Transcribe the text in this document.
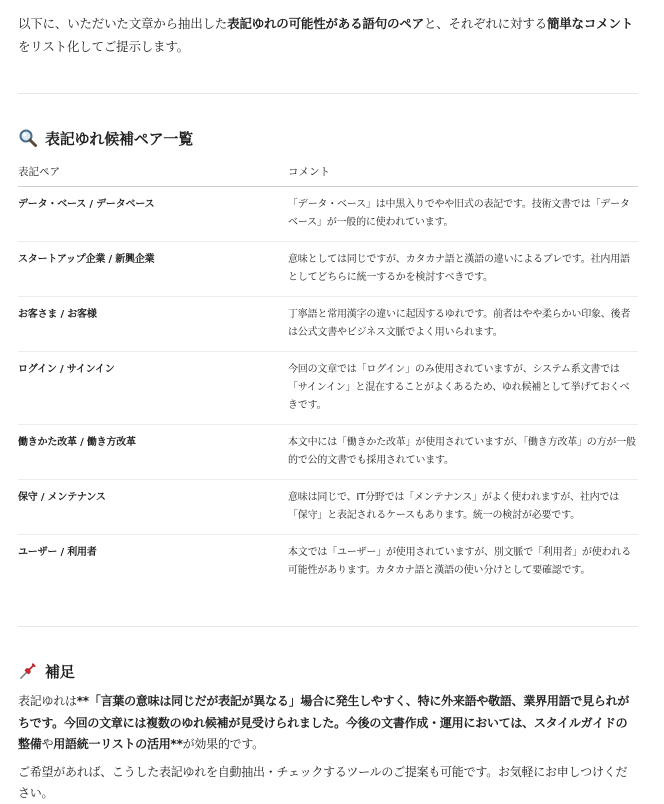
以下に、いただいた文章から抽出した表記ゆれの可能性がある語句のペアと、それぞれに対する簡単なコメントをリスト化してご提示します。

表記ゆれ候補ペア一覧
表記ペア	コメント
データ・ベース / データベース	「データ・ベース」は中黒入りでやや旧式の表記です。技術文書では「データベース」が一般的に使われています。
スタートアップ企業 / 新興企業	意味としては同じですが、カタカナ語と漢語の違いによるブレです。社内用語としてどちらに統一するかを検討すべきです。
お客さま / お客様	丁寧語と常用漢字の違いに起因するゆれです。前者はやや柔らかい印象、後者は公式文書やビジネス文脈でよく用いられます。
ログイン / サインイン	今回の文章では「ログイン」のみ使用されていますが、システム系文書では「サインイン」と混在することがよくあるため、ゆれ候補として挙げておくべきです。
働きかた改革 / 働き方改革	本文中には「働きかた改革」が使用されていますが、「働き方改革」の方が一般的で公的文書でも採用されています。
保守 / メンテナンス	意味は同じで、IT分野では「メンテナンス」がよく使われますが、社内では「保守」と表記されるケースもあります。統一の検討が必要です。
ユーザー / 利用者	本文では「ユーザー」が使用されていますが、別文脈で「利用者」が使われる可能性があります。カタカナ語と漢語の使い分けとして要確認です。
補足

表記ゆれは**「言葉の意味は同じだが表記が異なる」場合に発生しやすく、特に外来語や敬語、業界用語で見られがちです。今回の文章には複数のゆれ候補が見受けられました。今後の文書作成・運用においては、スタイルガイドの整備や用語統一リストの活用**が効果的です。

ご希望があれば、こうした表記ゆれを自動抽出・チェックするツールのご提案も可能です。お気軽にお申しつけください。
